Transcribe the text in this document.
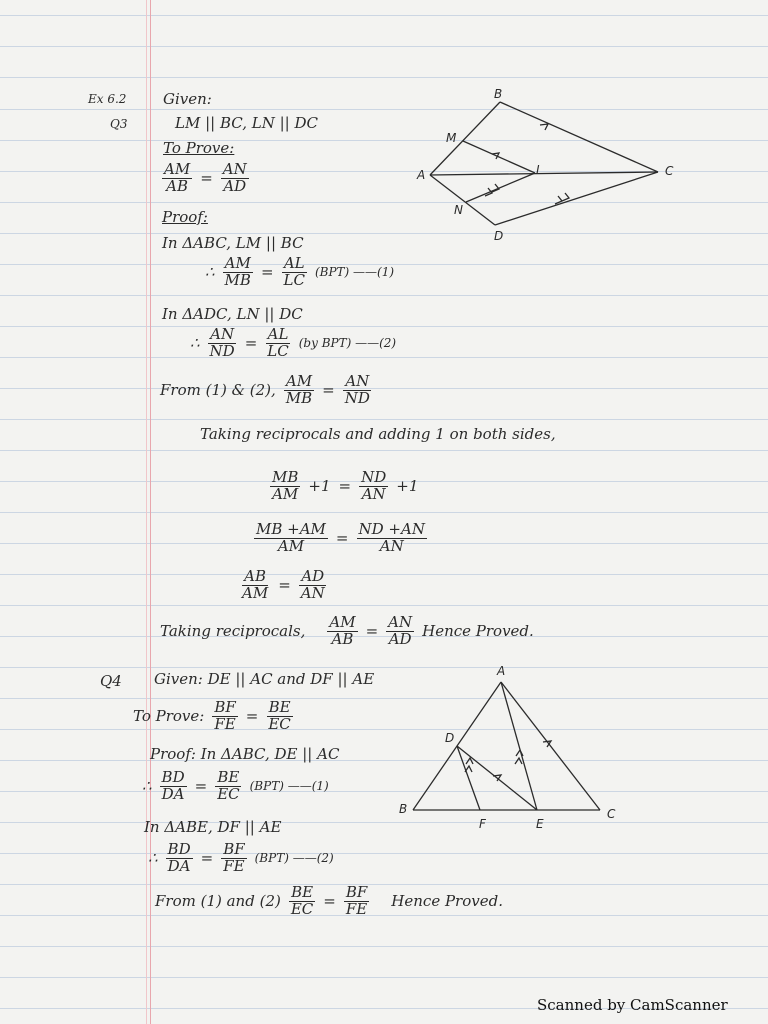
Ex 6.2
Q3
Given:
LM || BC, LN || DC
To Prove:
$\frac{AM}{AB} = \frac{AN}{AD}$
Proof:
In ΔABC, LM || BC
∴ $\frac{AM}{MB} = \frac{AL}{LC} (BPT)$ ——(1)
In ΔADC, LN || DC
∴ $\frac{AN}{ND} = \frac{AL}{LC} (by$ BPT) ——(2)
From (1) & (2), $\frac{AM}{MB} = \frac{AN}{ND}$
Taking reciprocals and adding 1 on both sides,
$\frac{MB}{AM} +1 = \frac{ND}{AN} +1$
$\frac{MB +AM}{AM} = \frac{ND +AN}{AN}$
$\frac{AB}{AM} = \frac{AD}{AN}$
Taking reciprocals, $\frac{AM}{AB} = \frac{AN}{AD}$ Hence Proved.
B
A	C
D
L
M
N
Q4 Given: DE || AC and DF || AE
To Prove: $\frac{BF}{FE} = \frac{BE}{EC}$
Proof: In ΔABC, DE || AC
∴ $\frac{BD}{DA} = \frac{BE}{EC} (BPT)$ ——(1)
In ΔABE, DF || AE
∴ $\frac{BD}{DA} = \frac{BF}{FE} (BPT)$ ——(2)
From (1) and $(2) \frac{BE}{EC} = \frac{BF}{FE}$ Hence Proved.
A
D
B	C
F	E
Scanned by CamScanner
